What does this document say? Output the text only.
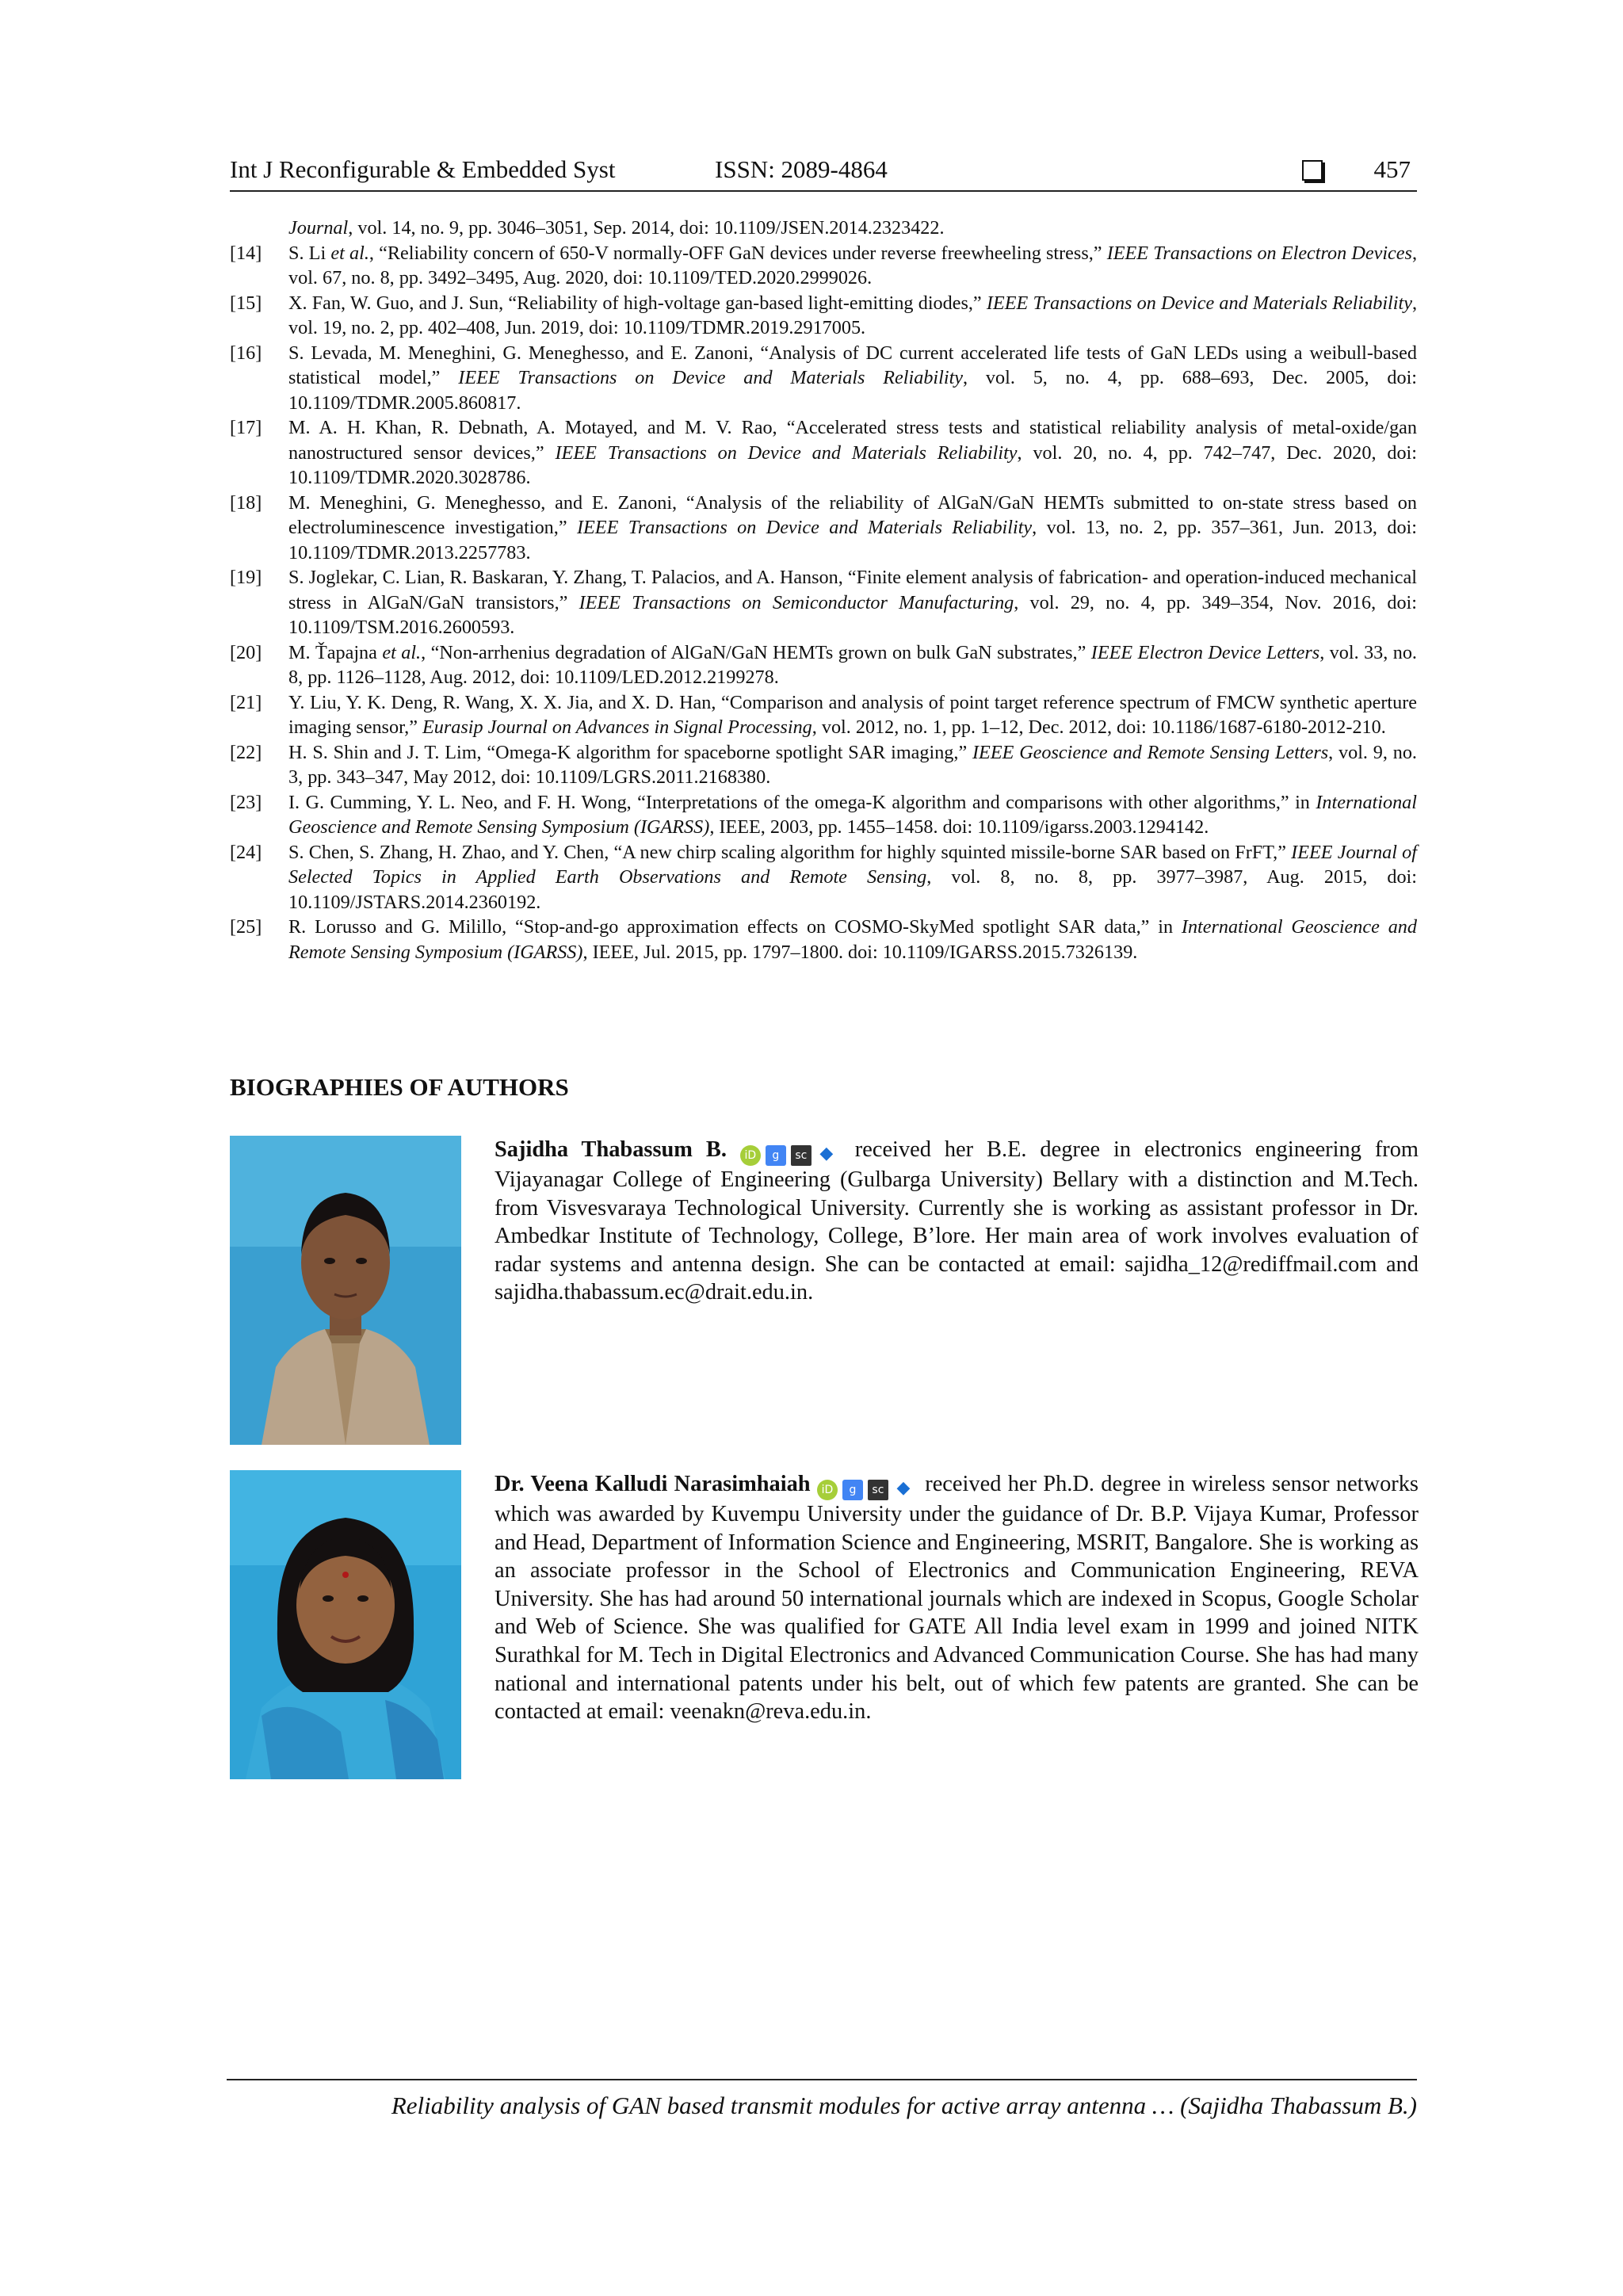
Int J Reconfigurable & Embedded Syst	ISSN: 2089-4864	457
Journal, vol. 14, no. 9, pp. 3046–3051, Sep. 2014, doi: 10.1109/JSEN.2014.2323422.
[14]	S. Li et al., “Reliability concern of 650-V normally-OFF GaN devices under reverse freewheeling stress,” IEEE Transactions on Electron Devices, vol. 67, no. 8, pp. 3492–3495, Aug. 2020, doi: 10.1109/TED.2020.2999026.
[15]	X. Fan, W. Guo, and J. Sun, “Reliability of high-voltage gan-based light-emitting diodes,” IEEE Transactions on Device and Materials Reliability, vol. 19, no. 2, pp. 402–408, Jun. 2019, doi: 10.1109/TDMR.2019.2917005.
[16]	S. Levada, M. Meneghini, G. Meneghesso, and E. Zanoni, “Analysis of DC current accelerated life tests of GaN LEDs using a weibull-based statistical model,” IEEE Transactions on Device and Materials Reliability, vol. 5, no. 4, pp. 688–693, Dec. 2005, doi: 10.1109/TDMR.2005.860817.
[17]	M. A. H. Khan, R. Debnath, A. Motayed, and M. V. Rao, “Accelerated stress tests and statistical reliability analysis of metal-oxide/gan nanostructured sensor devices,” IEEE Transactions on Device and Materials Reliability, vol. 20, no. 4, pp. 742–747, Dec. 2020, doi: 10.1109/TDMR.2020.3028786.
[18]	M. Meneghini, G. Meneghesso, and E. Zanoni, “Analysis of the reliability of AlGaN/GaN HEMTs submitted to on-state stress based on electroluminescence investigation,” IEEE Transactions on Device and Materials Reliability, vol. 13, no. 2, pp. 357–361, Jun. 2013, doi: 10.1109/TDMR.2013.2257783.
[19]	S. Joglekar, C. Lian, R. Baskaran, Y. Zhang, T. Palacios, and A. Hanson, “Finite element analysis of fabrication- and operation-induced mechanical stress in AlGaN/GaN transistors,” IEEE Transactions on Semiconductor Manufacturing, vol. 29, no. 4, pp. 349–354, Nov. 2016, doi: 10.1109/TSM.2016.2600593.
[20]	M. Ťapajna et al., “Non-arrhenius degradation of AlGaN/GaN HEMTs grown on bulk GaN substrates,” IEEE Electron Device Letters, vol. 33, no. 8, pp. 1126–1128, Aug. 2012, doi: 10.1109/LED.2012.2199278.
[21]	Y. Liu, Y. K. Deng, R. Wang, X. X. Jia, and X. D. Han, “Comparison and analysis of point target reference spectrum of FMCW synthetic aperture imaging sensor,” Eurasip Journal on Advances in Signal Processing, vol. 2012, no. 1, pp. 1–12, Dec. 2012, doi: 10.1186/1687-6180-2012-210.
[22]	H. S. Shin and J. T. Lim, “Omega-K algorithm for spaceborne spotlight SAR imaging,” IEEE Geoscience and Remote Sensing Letters, vol. 9, no. 3, pp. 343–347, May 2012, doi: 10.1109/LGRS.2011.2168380.
[23]	I. G. Cumming, Y. L. Neo, and F. H. Wong, “Interpretations of the omega-K algorithm and comparisons with other algorithms,” in International Geoscience and Remote Sensing Symposium (IGARSS), IEEE, 2003, pp. 1455–1458. doi: 10.1109/igarss.2003.1294142.
[24]	S. Chen, S. Zhang, H. Zhao, and Y. Chen, “A new chirp scaling algorithm for highly squinted missile-borne SAR based on FrFT,” IEEE Journal of Selected Topics in Applied Earth Observations and Remote Sensing, vol. 8, no. 8, pp. 3977–3987, Aug. 2015, doi: 10.1109/JSTARS.2014.2360192.
[25]	R. Lorusso and G. Milillo, “Stop-and-go approximation effects on COSMO-SkyMed spotlight SAR data,” in International Geoscience and Remote Sensing Symposium (IGARSS), IEEE, Jul. 2015, pp. 1797–1800. doi: 10.1109/IGARSS.2015.7326139.
BIOGRAPHIES OF AUTHORS
Sajidha Thabassum B. iD g sc ◆ received her B.E. degree in electronics engineering from Vijayanagar College of Engineering (Gulbarga University) Bellary with a distinction and M.Tech. from Visvesvaraya Technological University. Currently she is working as assistant professor in Dr. Ambedkar Institute of Technology, College, B’lore. Her main area of work involves evaluation of radar systems and antenna design. She can be contacted at email: sajidha_12@rediffmail.com and sajidha.thabassum.ec@drait.edu.in.
Dr. Veena Kalludi Narasimhaiah iD g sc ◆ received her Ph.D. degree in wireless sensor networks which was awarded by Kuvempu University under the guidance of Dr. B.P. Vijaya Kumar, Professor and Head, Department of Information Science and Engineering, MSRIT, Bangalore. She is working as an associate professor in the School of Electronics and Communication Engineering, REVA University. She has had around 50 international journals which are indexed in Scopus, Google Scholar and Web of Science. She was qualified for GATE All India level exam in 1999 and joined NITK Surathkal for M. Tech in Digital Electronics and Advanced Communication Course. She has had many national and international patents under his belt, out of which few patents are granted. She can be contacted at email: veenakn@reva.edu.in.
Reliability analysis of GAN based transmit modules for active array antenna … (Sajidha Thabassum B.)
